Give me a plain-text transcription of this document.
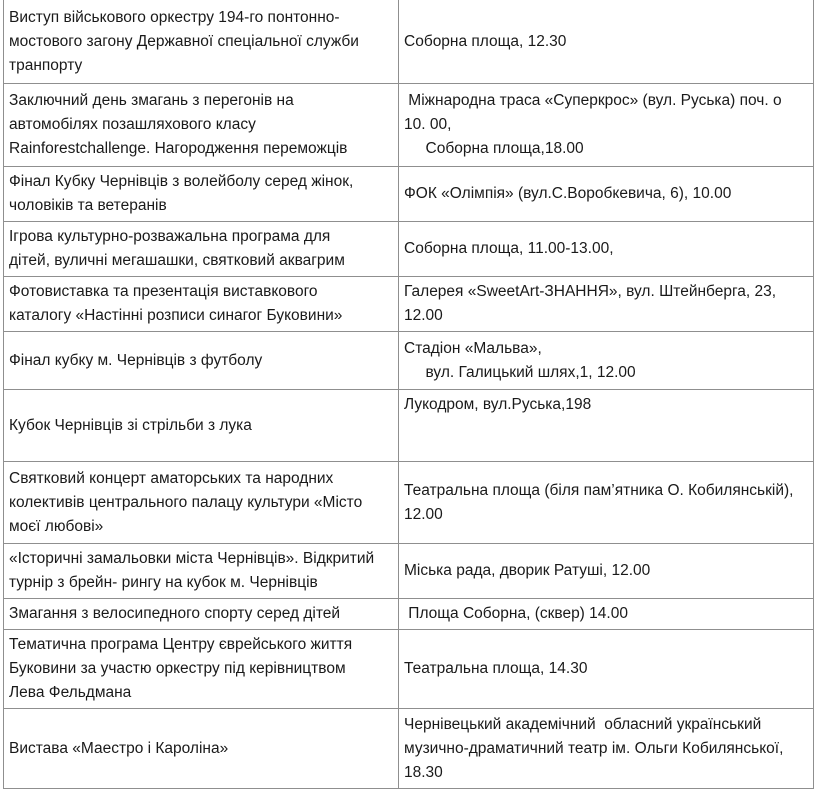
Виступ військового оркестру 194-го понтонно-
мостового загону Державної спеціальної служби
транпорту	Соборна площа, 12.30

Заключний день змагань з перегонів на
автомобілях позашляхового класу
Rainforestchallenge. Нагородження переможців	Міжнародна траса «Суперкрос» (вул. Руська) поч. о
10. 00,
Соборна площа,18.00

Фінал Кубку Чернівців з волейболу серед жінок,
чоловіків та ветеранів	ФОК «Олімпія» (вул.С.Воробкевича, 6), 10.00

Ігрова культурно-розважальна програма для
дітей, вуличні мегашашки, святковий аквагрим	Соборна площа, 11.00-13.00,

Фотовиставка та презентація виставкового
каталогу «Настінні розписи синагог Буковини»	Галерея «SweetArt-ЗНАННЯ», вул. Штейнберга, 23,
12.00

Фінал кубку м. Чернівців з футболу	Стадіон «Мальва»,
вул. Галицький шлях,1, 12.00

Кубок Чернівців зі стрільби з лука	Лукодром, вул.Руська,198

Святковий концерт аматорських та народних
колективів центрального палацу культури «Місто
моєї любові»	Театральна площа (біля пам’ятника О. Кобилянській),
12.00

«Історичні замальовки міста Чернівців». Відкритий
турнір з брейн- рингу на кубок м. Чернівців	Міська рада, дворик Ратуші, 12.00

Змагання з велосипедного спорту серед дітей	Площа Соборна, (сквер) 14.00

Тематична програма Центру єврейського життя
Буковини за участю оркестру під керівництвом
Лева Фельдмана	Театральна площа, 14.30

Вистава «Маестро і Кароліна»	Чернівецький академічний  обласний український
музично-драматичний театр ім. Ольги Кобилянської,
18.30
